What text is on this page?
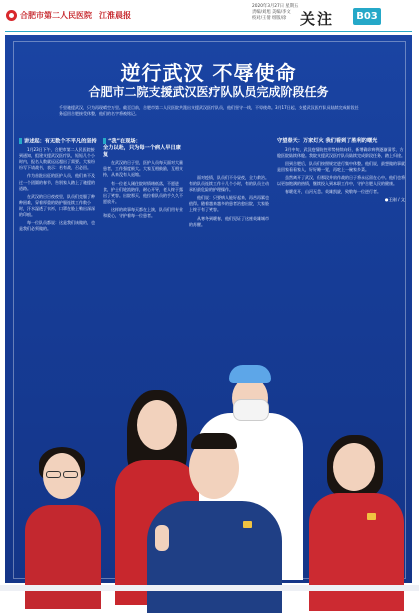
合肥市第二人民医院 江淮晨报
2020年3月27日 星期五
责编/刘旭 美编/李文
校对/王倩 组版/徐 关注	B03
逆行武汉 不辱使命
合肥市二院支援武汉医疗队队员完成阶段任务
千里驰援武汉，只为再现晴空万里。截至目前，合肥市第二人民医院共派出支援武汉医疗队员，他们坚守一线，不辱使命。3月17日起，支援武汉医疗队员陆续完成阶段任务返回合肥接受休整，他们的名字将被铭记。
讲述起：有无数个不平凡的坚持

1月23日下午，合肥市第二人民医院接到通知，组建支援武汉医疗队，短短几个小时内，报名人数就远远超出了需要。大家纷纷写下请战书，表示：若有战，召必回。

作为首批出征的医护人员，他们来不及过一个团圆的春节，告别家人踏上了驰援的道路。

在武汉的日日夜夜里，队员们克服了种种困难，穿着厚重的防护服连续工作数小时，汗水湿透了衣衫，口罩在脸上勒出深深的印痕。

每一位队员都说：这是我们该做的，也是我们必须做的。

“我”在现场：
全力以赴，只为每一个病人早日康复

在武汉的日子里，医护人员每天面对大量患者，工作强度极大。大家互相鼓励，互相支持，从来没有人退缩。

有一位老人刚住院时情绪低落，不愿进食，护士们轮流陪伴，耐心开导，老人终于露出了笑容。出院那天，他拉着队员的手久久不愿放开。

这样的故事每天都在上演，队员们用专业和爱心，守护着每一位患者。

面对疫情，队员们不分昼夜，全力救治。有的队员连续工作十几个小时，有的队员主动承担最危险的护理操作。

他们说：只要病人能好起来，再苦再累也值得。随着越来越多的患者治愈出院，大家脸上终于有了笑容。

从寒冬到暖春，他们见证了这座英雄城市的苏醒。

守望春天：万家灯火 我们看到了胜利的曙光

3月中旬，武汉疫情防控形势持续向好，新增确诊病例逐渐清零，方舱医院陆续休舱。我院支援武汉医疗队员陆续完成阶段任务，踏上归途。

回到合肥后，队员们按照规定进行集中休整。他们说，最想做的事就是回家看看家人，好好睡一觉，再吃上一碗家乡菜。

虽然离开了武汉，但那段并肩作战的日子将永远留在心中。他们也将以更加饱满的热情，继续投入到本职工作中，守护合肥人民的健康。

春暖花开，山河无恙。英雄凯旋，致敬每一位逆行者。

●王刚 / 文
